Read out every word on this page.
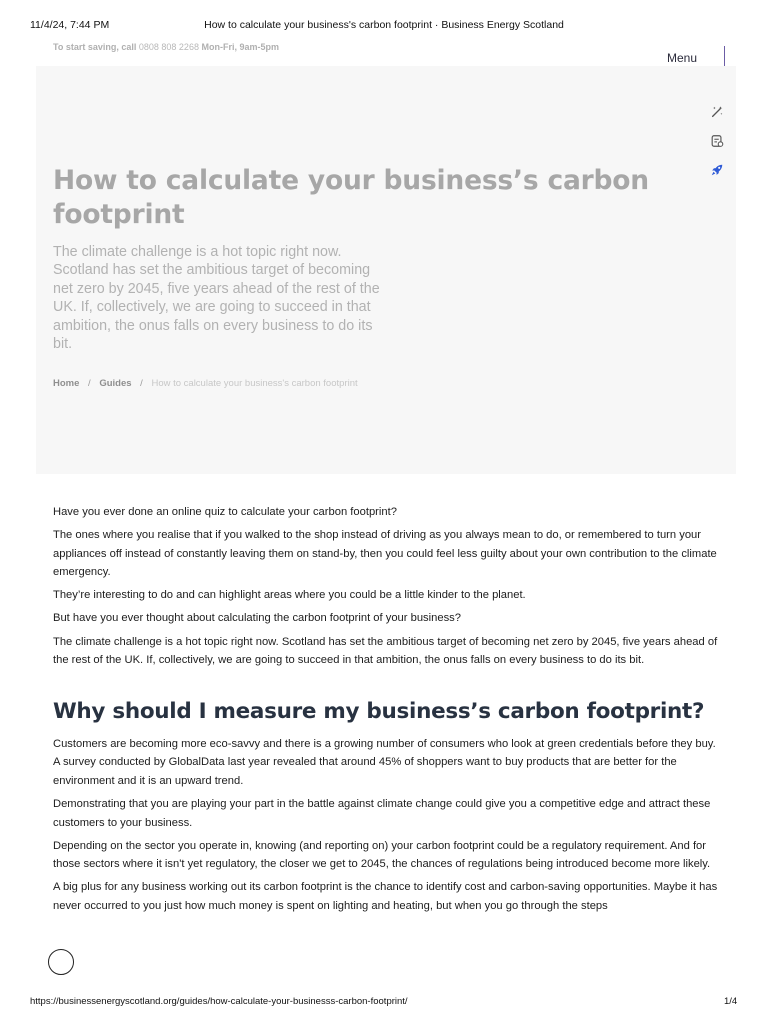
11/4/24, 7:44 PM	How to calculate your business's carbon footprint · Business Energy Scotland
To start saving, call 0808 808 2268 Mon-Fri, 9am-5pm
Menu
How to calculate your business’s carbon footprint

The climate challenge is a hot topic right now. Scotland has set the ambitious target of becoming net zero by 2045, five years ahead of the rest of the UK. If, collectively, we are going to succeed in that ambition, the onus falls on every business to do its bit.

Home / Guides / How to calculate your business's carbon footprint

Have you ever done an online quiz to calculate your carbon footprint?

The ones where you realise that if you walked to the shop instead of driving as you always mean to do, or remembered to turn your appliances off instead of constantly leaving them on stand-by, then you could feel less guilty about your own contribution to the climate emergency.

They’re interesting to do and can highlight areas where you could be a little kinder to the planet.

But have you ever thought about calculating the carbon footprint of your business?

The climate challenge is a hot topic right now. Scotland has set the ambitious target of becoming net zero by 2045, five years ahead of the rest of the UK. If, collectively, we are going to succeed in that ambition, the onus falls on every business to do its bit.

Why should I measure my business’s carbon footprint?

Customers are becoming more eco-savvy and there is a growing number of consumers who look at green credentials before they buy. A survey conducted by GlobalData last year revealed that around 45% of shoppers want to buy products that are better for the environment and it is an upward trend.

Demonstrating that you are playing your part in the battle against climate change could give you a competitive edge and attract these customers to your business.

Depending on the sector you operate in, knowing (and reporting on) your carbon footprint could be a regulatory requirement. And for those sectors where it isn't yet regulatory, the closer we get to 2045, the chances of regulations being introduced become more likely.

A big plus for any business working out its carbon footprint is the chance to identify cost and carbon-saving opportunities. Maybe it has never occurred to you just how much money is spent on lighting and heating, but when you go through the steps

https://businessenergyscotland.org/guides/how-calculate-your-businesss-carbon-footprint/	1/4
